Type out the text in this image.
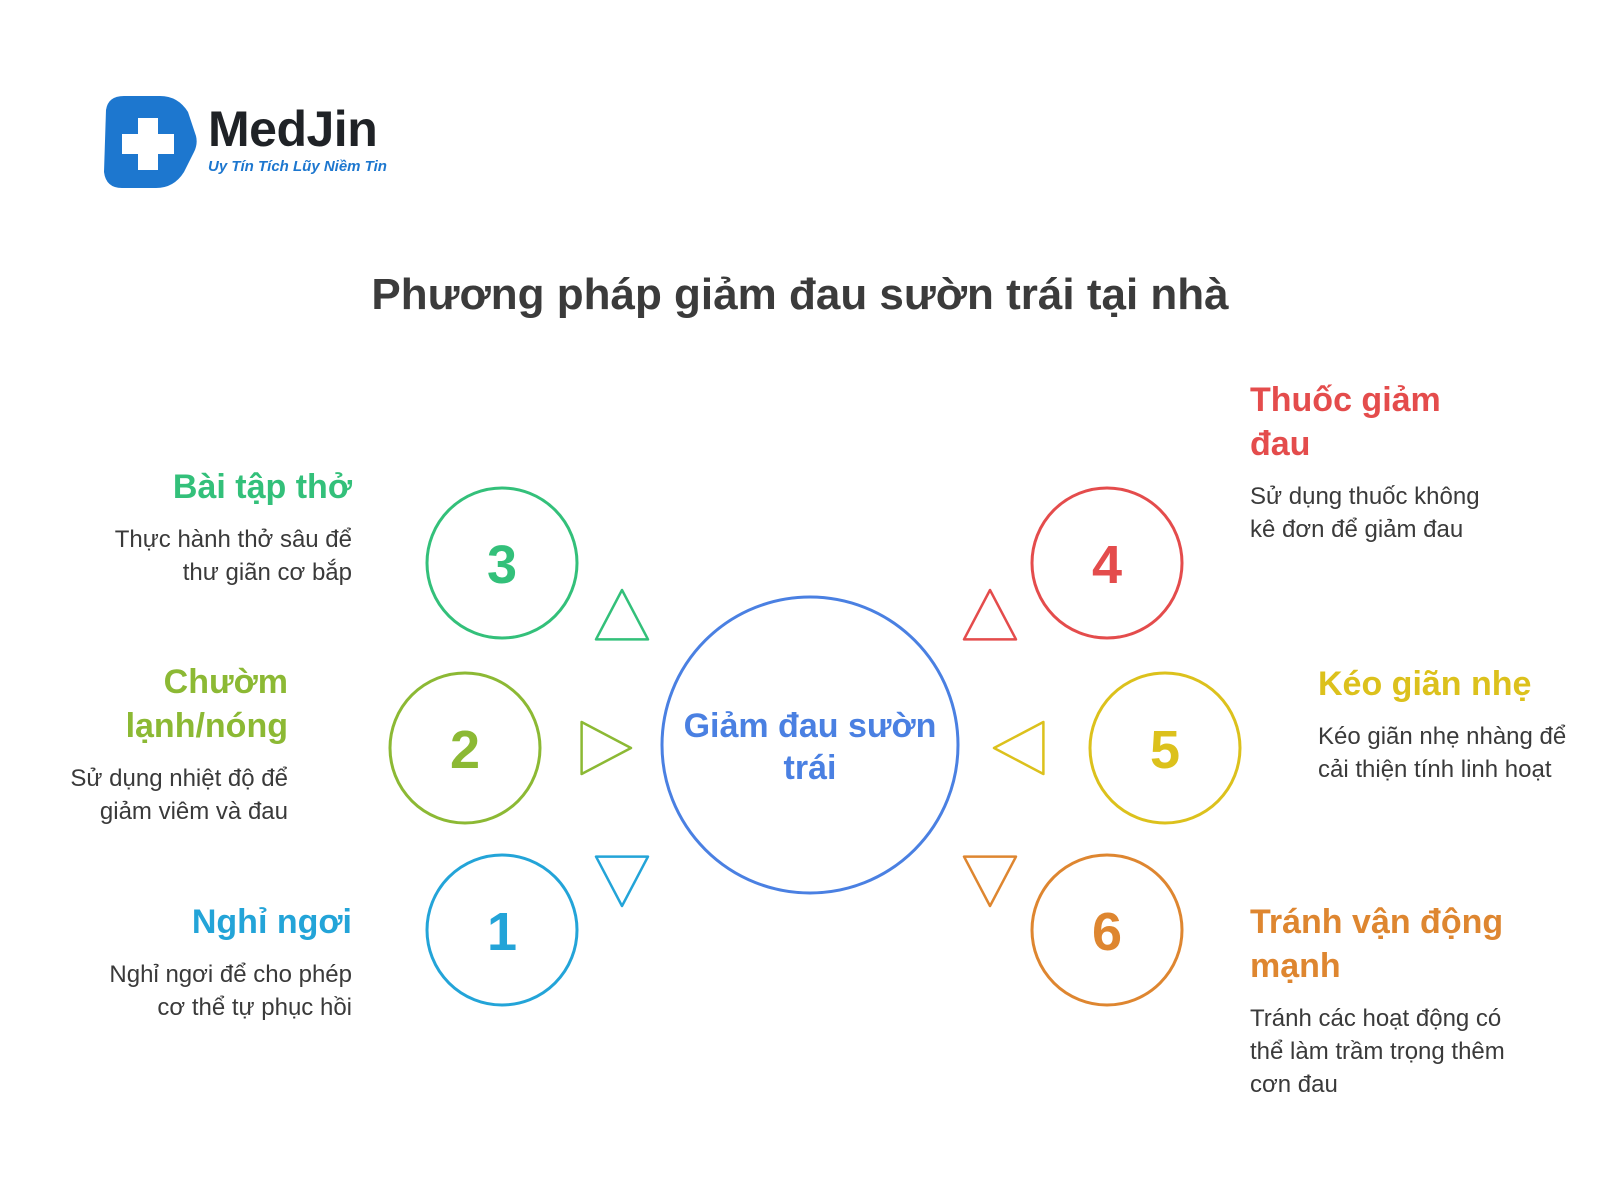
MedJin
Uy Tín Tích Lũy Niềm Tin
Phương pháp giảm đau sườn trái tại nhà
1
2
3	4
5
6
Giảm đau sườn trái
Bài tập thở
Thực hành thở sâu để thư giãn cơ bắp
Chườm lạnh/nóng
Sử dụng nhiệt độ để giảm viêm và đau
Nghỉ ngơi
Nghỉ ngơi để cho phép cơ thể tự phục hồi
Thuốc giảm đau
Sử dụng thuốc không kê đơn để giảm đau
Kéo giãn nhẹ
Kéo giãn nhẹ nhàng để cải thiện tính linh hoạt
Tránh vận động mạnh
Tránh các hoạt động có thể làm trầm trọng thêm cơn đau
